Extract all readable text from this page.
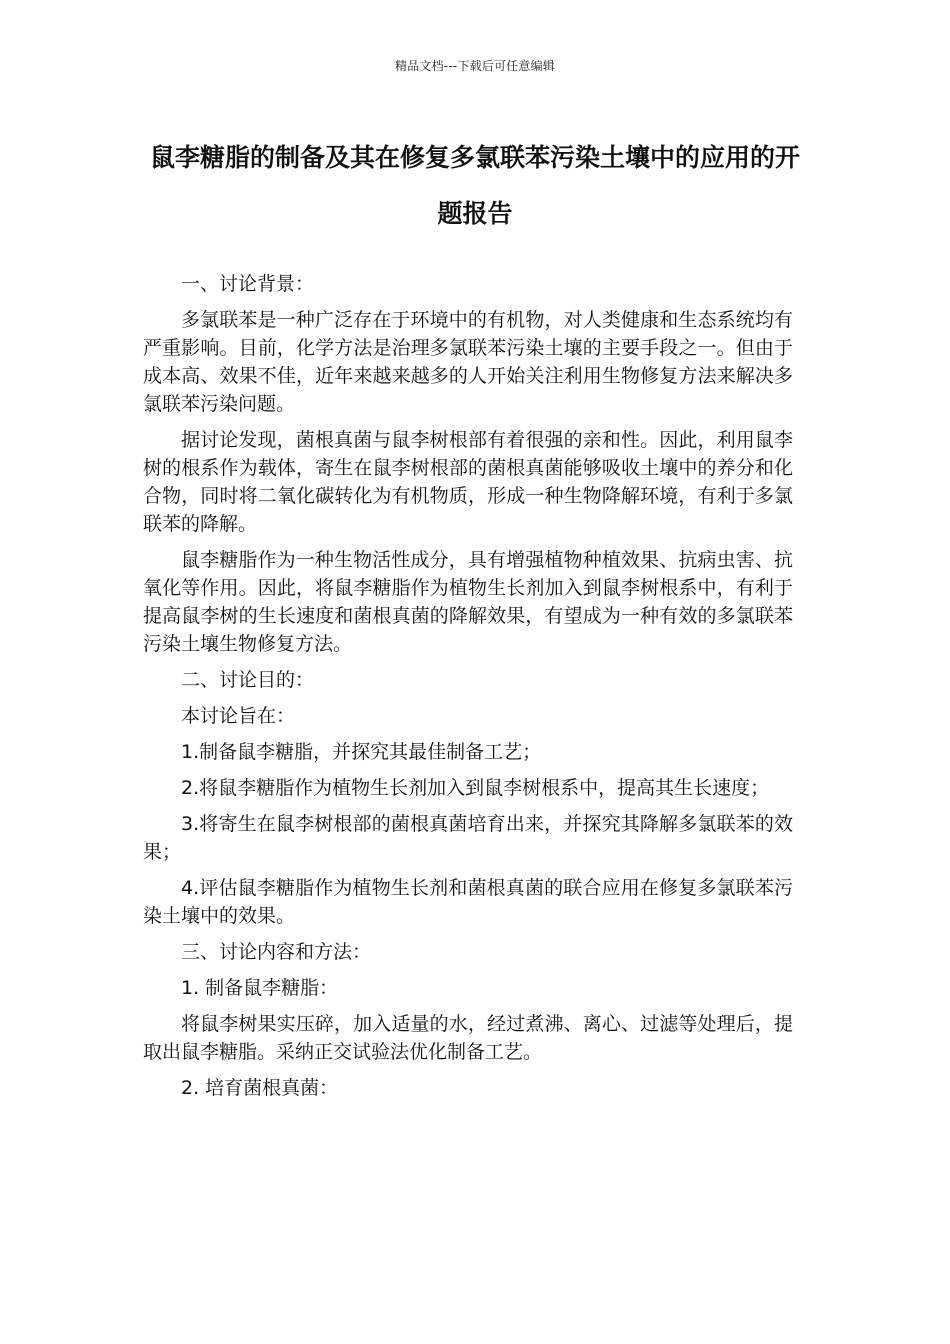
精品文档---下载后可任意编辑
鼠李糖脂的制备及其在修复多氯联苯污染土壤中的应用的开题报告

一、讨论背景：

多氯联苯是一种广泛存在于环境中的有机物，对人类健康和生态系统均有严重影响。目前，化学方法是治理多氯联苯污染土壤的主要手段之一。但由于成本高、效果不佳，近年来越来越多的人开始关注利用生物修复方法来解决多氯联苯污染问题。

据讨论发现，菌根真菌与鼠李树根部有着很强的亲和性。因此，利用鼠李树的根系作为载体，寄生在鼠李树根部的菌根真菌能够吸收土壤中的养分和化合物，同时将二氧化碳转化为有机物质，形成一种生物降解环境，有利于多氯联苯的降解。

鼠李糖脂作为一种生物活性成分，具有增强植物种植效果、抗病虫害、抗氧化等作用。因此，将鼠李糖脂作为植物生长剂加入到鼠李树根系中，有利于提高鼠李树的生长速度和菌根真菌的降解效果，有望成为一种有效的多氯联苯污染土壤生物修复方法。

二、讨论目的：

本讨论旨在：

1.制备鼠李糖脂，并探究其最佳制备工艺；

2.将鼠李糖脂作为植物生长剂加入到鼠李树根系中，提高其生长速度；

3.将寄生在鼠李树根部的菌根真菌培育出来，并探究其降解多氯联苯的效果；

4.评估鼠李糖脂作为植物生长剂和菌根真菌的联合应用在修复多氯联苯污染土壤中的效果。

三、讨论内容和方法：

1. 制备鼠李糖脂：

将鼠李树果实压碎，加入适量的水，经过煮沸、离心、过滤等处理后，提取出鼠李糖脂。采纳正交试验法优化制备工艺。

2. 培育菌根真菌：
